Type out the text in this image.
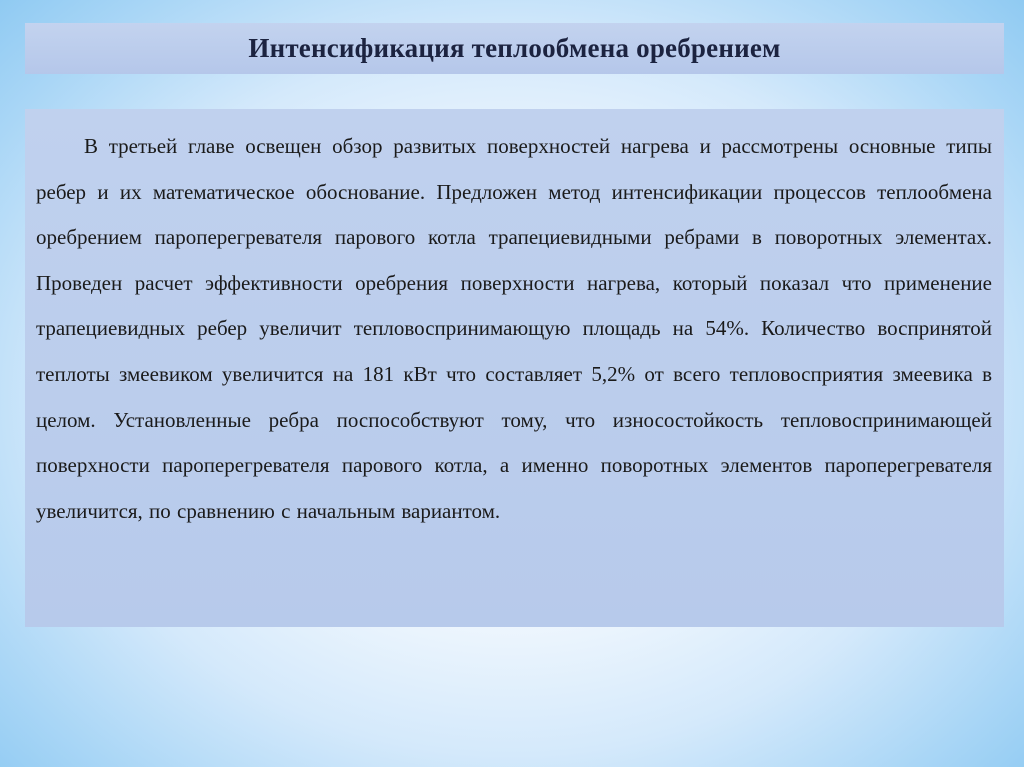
Интенсификация теплообмена оребрением

В третьей главе освещен обзор развитых поверхностей нагрева и рассмотрены основные типы ребер и их математическое обоснование. Предложен метод интенсификации процессов теплообмена оребрением пароперегревателя парового котла трапециевидными ребрами в поворотных элементах. Проведен расчет эффективности оребрения поверхности нагрева, который показал что применение трапециевидных ребер увеличит тепловоспринимающую площадь на 54%. Количество воспринятой теплоты змеевиком увеличится на 181 кВт что составляет 5,2% от всего тепловосприятия змеевика в целом. Установленные ребра поспособствуют тому, что износостойкость тепловоспринимающей поверхности пароперегревателя парового котла, а именно поворотных элементов пароперегревателя увеличится, по сравнению с начальным вариантом.
